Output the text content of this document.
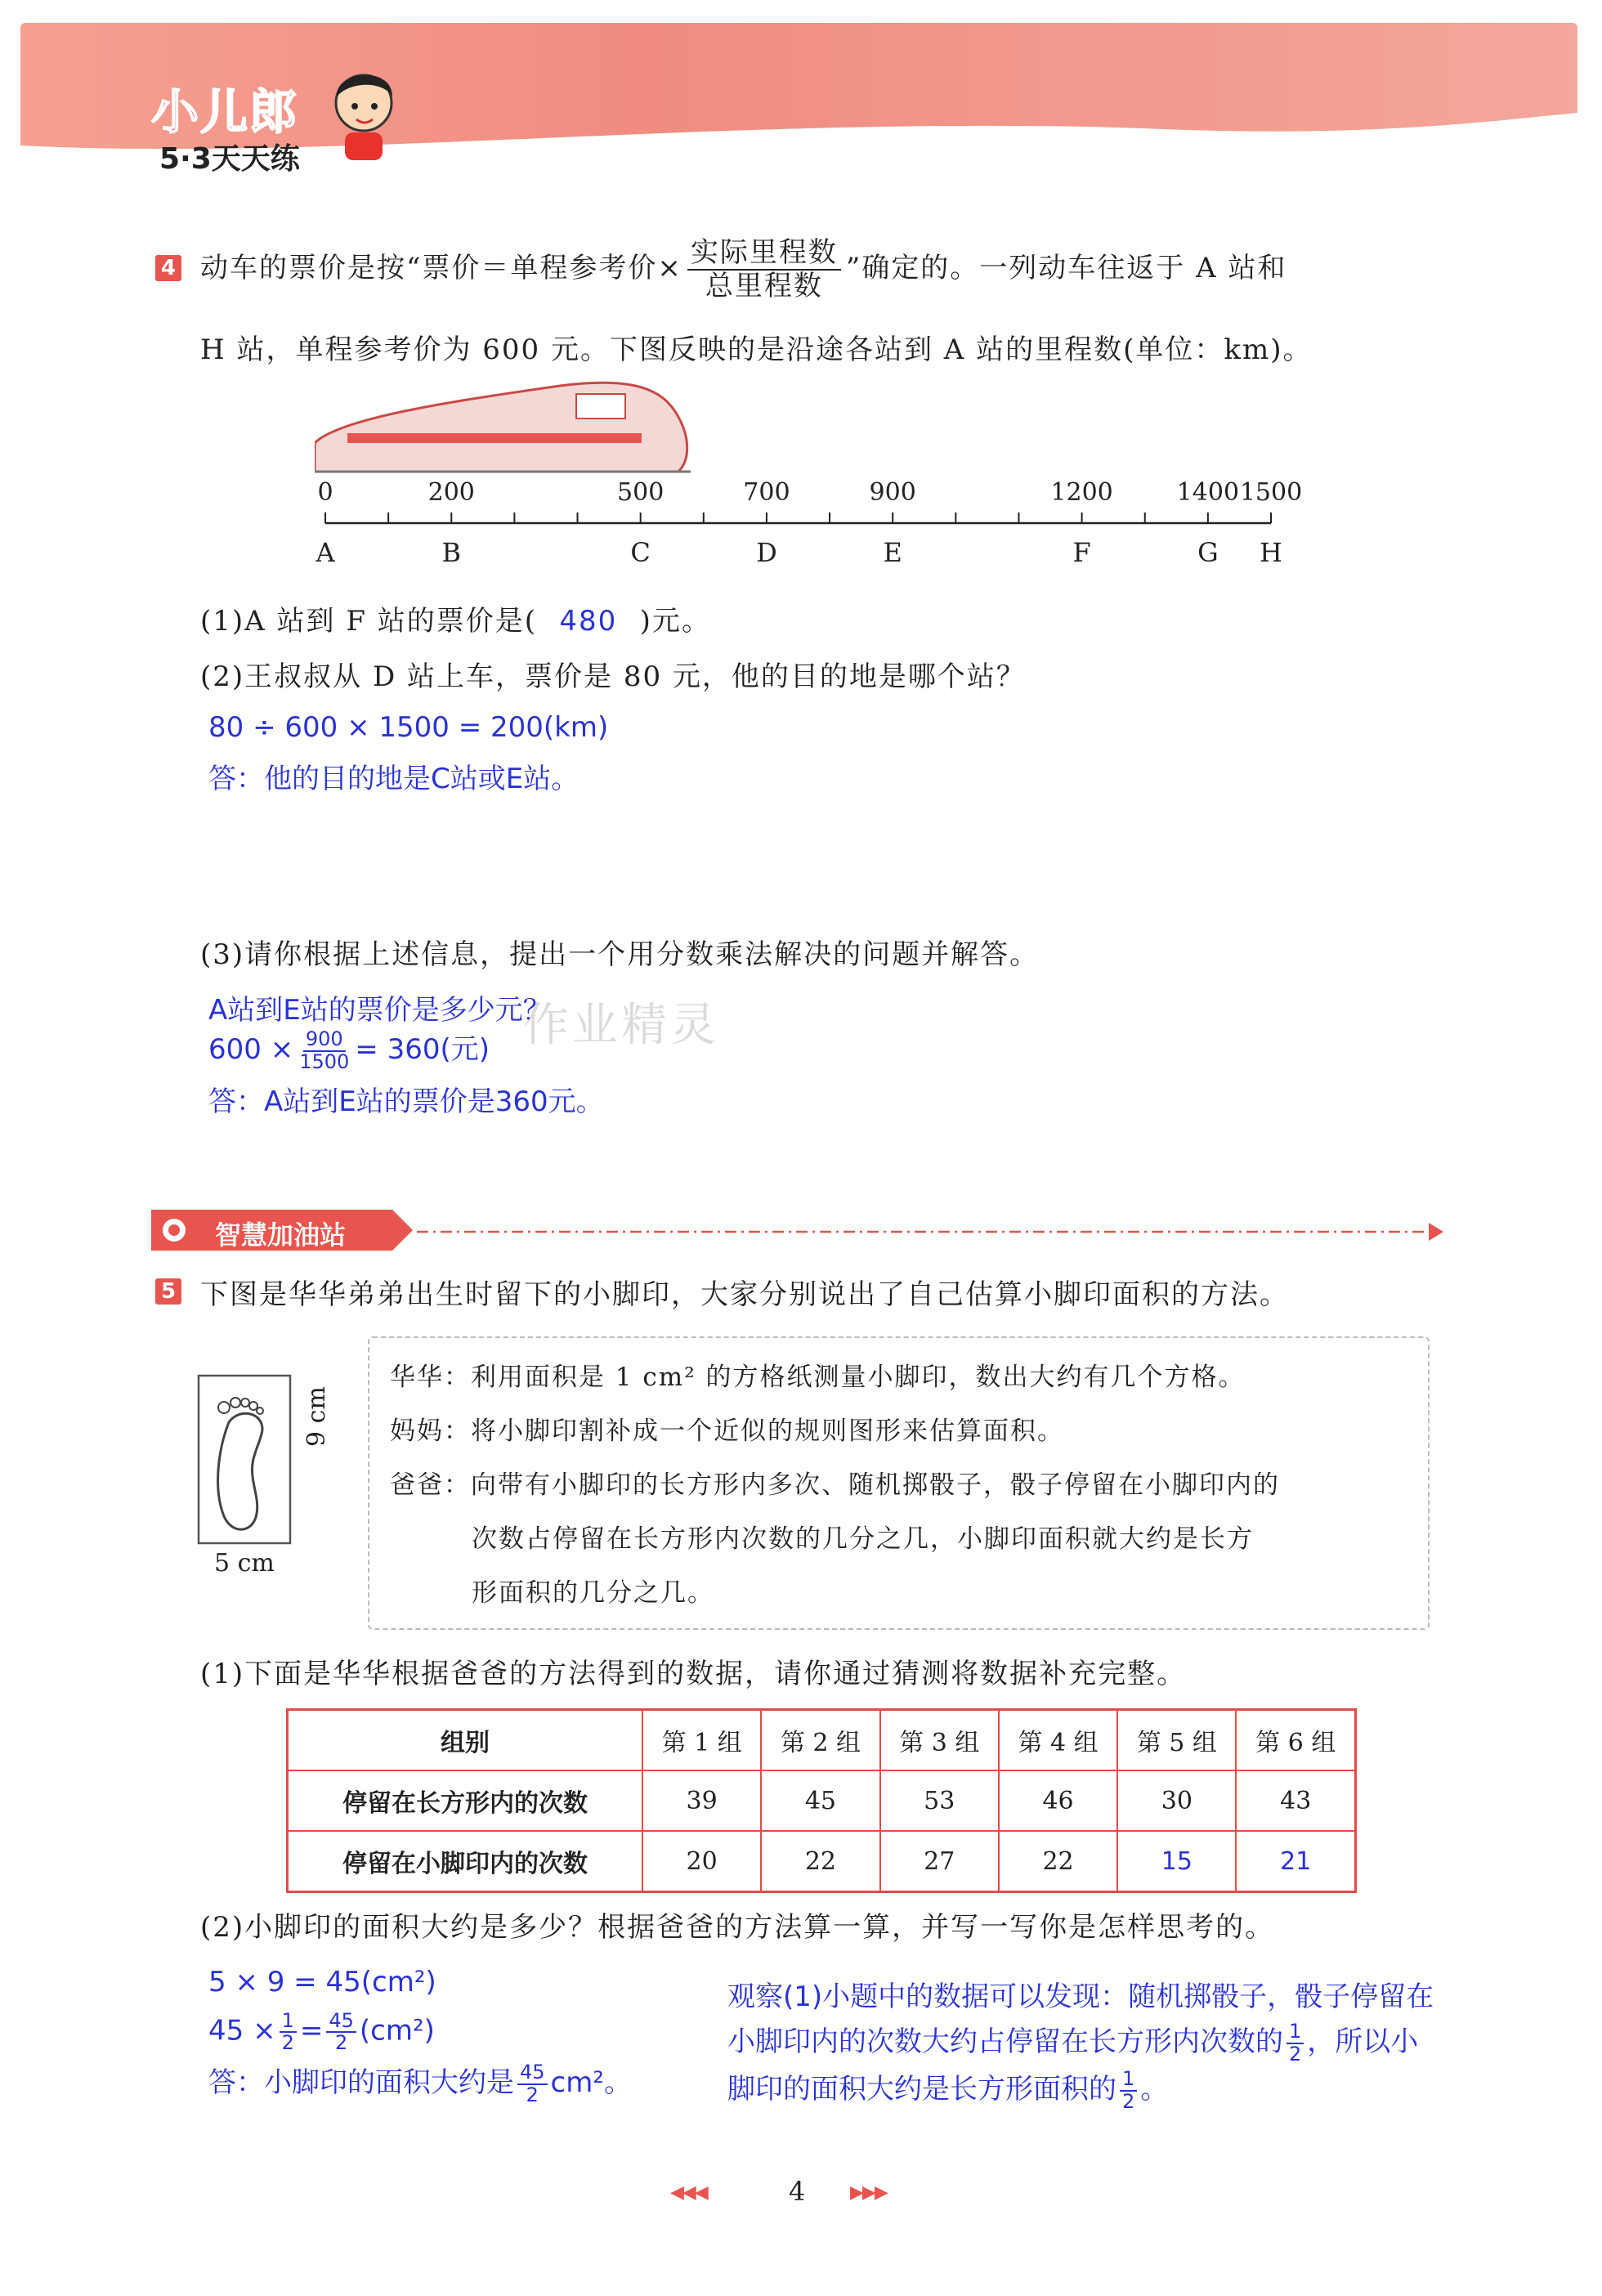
小儿郎
5·3天天练
4 动车的票价是按“票价＝单程参考价× $\frac{\text{实际里程数}}{\text{总里程数}}$ ”确定的。一列动车往返于 A 站和
H 站，单程参考价为 600 元。下图反映的是沿途各站到 A 站的里程数(单位：km)。
0
A
200
B
500
C
700
D
900
E
1200
F
1400
G
1500
H
(1)A 站到 F 站的票价是( 480 )元。
(2)王叔叔从 D 站上车，票价是 80 元，他的目的地是哪个站？
80 ÷ 600 × 1500 = 200(km)
答：他的目的地是C站或E站。
(3)请你根据上述信息，提出一个用分数乘法解决的问题并解答。
A站到E站的票价是多少元？
$600 \times \frac{900}{1500} = 360$(元)
答：A站到E站的票价是360元。
作业精灵
智慧加油站
5 下图是华华弟弟出生时留下的小脚印，大家分别说出了自己估算小脚印面积的方法。
9 cm
5 cm
华华：利用面积是 1 cm² 的方格纸测量小脚印，数出大约有几个方格。
妈妈：将小脚印割补成一个近似的规则图形来估算面积。
爸爸：向带有小脚印的长方形内多次、随机掷骰子，骰子停留在小脚印内的
次数占停留在长方形内次数的几分之几，小脚印面积就大约是长方
形面积的几分之几。
(1)下面是华华根据爸爸的方法得到的数据，请你通过猜测将数据补充完整。
组别	第 1 组	第 2 组	第 3 组	第 4 组	第 5 组	第 6 组
停留在长方形内的次数	39	45	53	46	30	43
停留在小脚印内的次数	20	22	27	22	15	21
(2)小脚印的面积大约是多少？根据爸爸的方法算一算，并写一写你是怎样思考的。
5 × 9 = 45(cm²)
$45 \times \frac{1}{2} = \frac{45}{2} (cm^2)$
答：小脚印的面积大约是 $\frac{45}{2} cm^2$。
观察(1)小题中的数据可以发现：随机掷骰子，骰子停留在
小脚印内的次数大约占停留在长方形内次数的 $\frac{1}{2}$ ，所以小
脚印的面积大约是长方形面积的 $\frac{1}{2}$ 。
◀◀◀	4 ▶▶▶
